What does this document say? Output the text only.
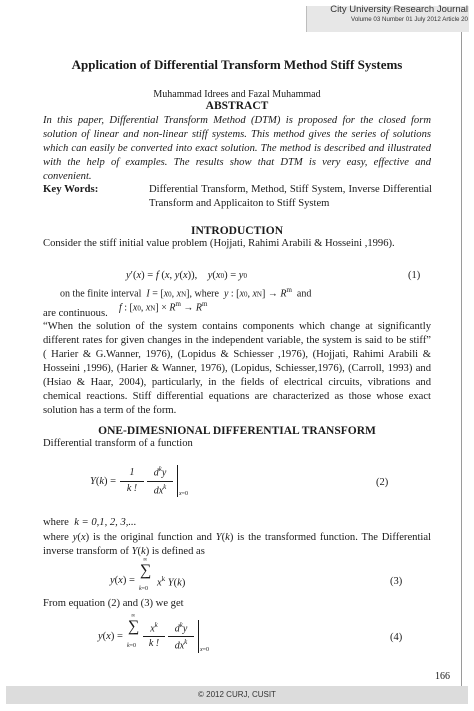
City University Research Journal
Volume 03 Number 01 July 2012 Article 20
Application of Differential Transform Method Stiff Systems
Muhammad Idrees and Fazal Muhammad
ABSTRACT
In this paper, Differential Transform Method (DTM) is proposed for the closed form solution of linear and non-linear stiff systems. This method gives the series of solutions which can easily be converted into exact solution. The method is described and illustrated with the help of examples. The results show that DTM is very easy, effective and convenient.
Key Words:	Differential Transform, Method, Stiff System, Inverse Differential Transform and Applicaiton to Stiff System
INTRODUCTION
Consider the stiff initial value problem (Hojjati, Rahimi Arabili & Hosseini ,1996).
y′(x) = f (x, y(x)),    y(x0) = y0	(1)
on the finite interval I = [x0, xN], where y : [x0, $xN] \to R^m$ and
f : [x0, $xN] \times R^m \to R^m$
are continuous.
“When the solution of the system contains components which change at significantly different rates for given changes in the independent variable, the system is said to be stiff” ( Harier & G.Wanner, 1976), (Lopidus & Schiesser ,1976), (Hojjati, Rahimi Arabili & Hosseini ,1996), (Harier & Wanner, 1976), (Lopidus, Schiesser,1976), (Carroll, 1993) and (Hsiao & Haar, 2004), particularly, in the fields of electrical circuits, vibrations and chemical reactions. Stiff differential equations are characterized as those whose exact solution has a term of the form.
ONE-DIMESNIONAL DIFFERENTIAL TRANSFORM
Differential transform of a function
Y(k) =
1
k !
$d^ky$
$dx^k$
x=0
(2)
where k = 0,1, 2, 3,...
where y(x) is the original function and Y(k) is the transformed function. The Differential inverse transform of Y(k) is defined as
y(x) =
∑
∞
k=0
$x^k$ Y(k)	(3)
From equation (2) and (3) we get
y(x) =
∑
∞
k=0
$x^k$
k !
$d^ky$
$dx^k$
x=0
(4)
166
© 2012 CURJ, CUSIT
